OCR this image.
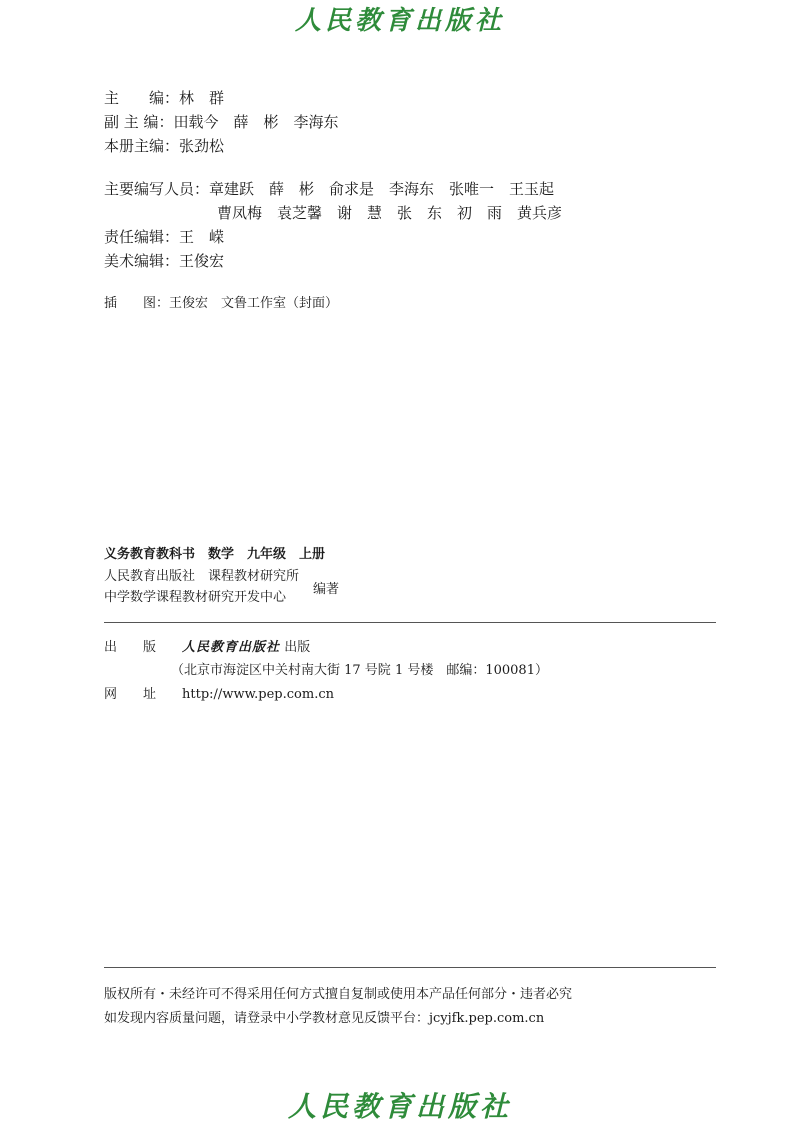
人民教育出版社
主　　编： 林　群
副 主 编： 田载今　薛　彬　李海东
本册主编： 张劲松
主要编写人员：章建跃　薛　彬　俞求是　李海东　张唯一　王玉起
曹凤梅　袁芝馨　谢　慧　张　东　初　雨　黄兵彦
责任编辑：王　嵘
美术编辑：王俊宏
插　　图：王俊宏　文鲁工作室（封面）
义务教育教科书　数学　九年级　上册
人民教育出版社　课程教材研究所
中学数学课程教材研究开发中心
编著
出　　版　　 人民教育出版社 出版
（北京市海淀区中关村南大街 17 号院 1 号楼　邮编：100081）
网　　址　　 http://www.pep.com.cn
版权所有・未经许可不得采用任何方式擅自复制或使用本产品任何部分・违者必究
如发现内容质量问题，请登录中小学教材意见反馈平台：jcyjfk.pep.com.cn
人民教育出版社
